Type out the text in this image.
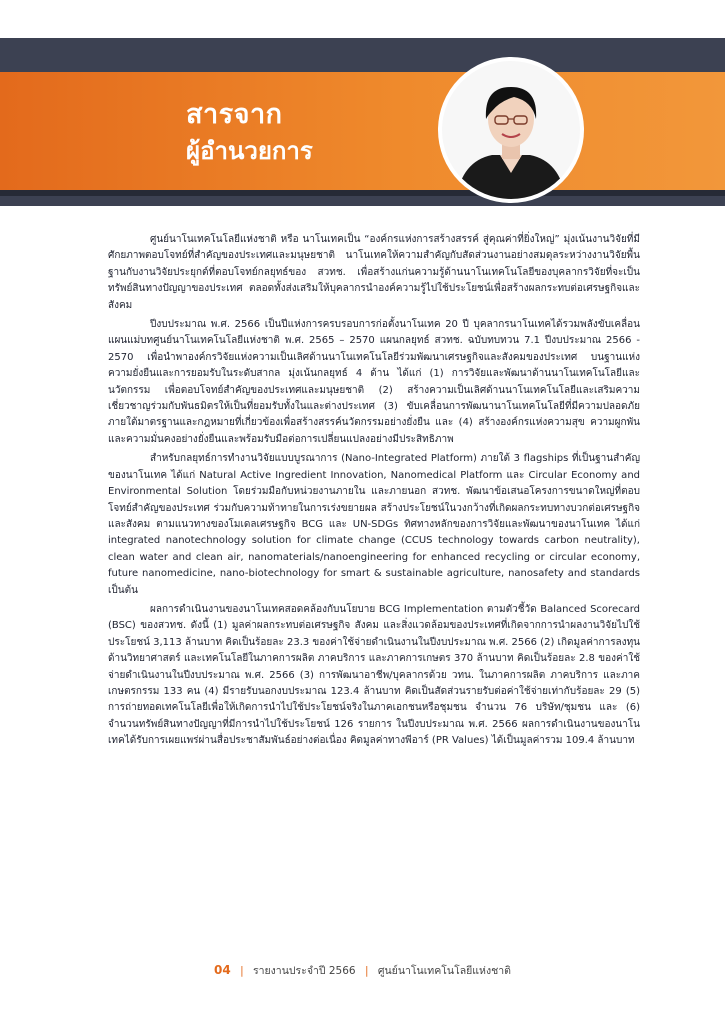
สารจาก
ผู้อำนวยการ

ศูนย์นาโนเทคโนโลยีแห่งชาติ หรือ นาโนเทคเป็น “องค์กรแห่งการสร้างสรรค์ สู่คุณค่าที่ยิ่งใหญ่” มุ่งเน้นงานวิจัยที่มีศักยภาพตอบโจทย์ที่สำคัญของประเทศและมนุษยชาติ นาโนเทคให้ความสำคัญกับสัดส่วนงานอย่างสมดุลระหว่างงานวิจัยพื้นฐานกับงานวิจัยประยุกต์ที่ตอบโจทย์กลยุทธ์ของ สวทช. เพื่อสร้างแก่นความรู้ด้านนาโนเทคโนโลยีของบุคลากรวิจัยที่จะเป็นทรัพย์สินทางปัญญาของประเทศ ตลอดทั้งส่งเสริมให้บุคลากรนำองค์ความรู้ไปใช้ประโยชน์เพื่อสร้างผลกระทบต่อเศรษฐกิจและสังคม

ปีงบประมาณ พ.ศ. 2566 เป็นปีแห่งการครบรอบการก่อตั้งนาโนเทค 20 ปี บุคลากรนาโนเทคได้รวมพลังขับเคลื่อนแผนแม่บทศูนย์นาโนเทคโนโลยีแห่งชาติ พ.ศ. 2565 – 2570 แผนกลยุทธ์ สวทช. ฉบับทบทวน 7.1 ปีงบประมาณ 2566 - 2570 เพื่อนำพาองค์กรวิจัยแห่งความเป็นเลิศด้านนาโนเทคโนโลยีร่วมพัฒนาเศรษฐกิจและสังคมของประเทศ บนฐานแห่งความยั่งยืนและการยอมรับในระดับสากล มุ่งเน้นกลยุทธ์ 4 ด้าน ได้แก่ (1) การวิจัยและพัฒนาด้านนาโนเทคโนโลยีและนวัตกรรม เพื่อตอบโจทย์สำคัญของประเทศและมนุษยชาติ (2) สร้างความเป็นเลิศด้านนาโนเทคโนโลยีและเสริมความเชี่ยวชาญร่วมกับพันธมิตรให้เป็นที่ยอมรับทั้งในและต่างประเทศ (3) ขับเคลื่อนการพัฒนานาโนเทคโนโลยีที่มีความปลอดภัย ภายใต้มาตรฐานและกฎหมายที่เกี่ยวข้องเพื่อสร้างสรรค์นวัตกรรมอย่างยั่งยืน และ (4) สร้างองค์กรแห่งความสุข ความผูกพัน และความมั่นคงอย่างยั่งยืนและพร้อมรับมือต่อการเปลี่ยนแปลงอย่างมีประสิทธิภาพ

สำหรับกลยุทธ์การทำงานวิจัยแบบบูรณาการ (Nano-Integrated Platform) ภายใต้ 3 flagships ที่เป็นฐานสำคัญของนาโนเทค ได้แก่ Natural Active Ingredient Innovation, Nanomedical Platform และ Circular Economy and Environmental Solution โดยร่วมมือกับหน่วยงานภายใน และภายนอก สวทช. พัฒนาข้อเสนอโครงการขนาดใหญ่ที่ตอบโจทย์สำคัญของประเทศ ร่วมกับความท้าทายในการเร่งขยายผล สร้างประโยชน์ในวงกว้างที่เกิดผลกระทบทางบวกต่อเศรษฐกิจและสังคม ตามแนวทางของโมเดลเศรษฐกิจ BCG และ UN-SDGs ทิศทางหลักของการวิจัยและพัฒนาของนาโนเทค ได้แก่ integrated nanotechnology solution for climate change (CCUS technology towards carbon neutrality), clean water and clean air, nanomaterials/nanoengineering for enhanced recycling or circular economy, future nanomedicine, nano-biotechnology for smart & sustainable agriculture, nanosafety and standards เป็นต้น

ผลการดำเนินงานของนาโนเทคสอดคล้องกับนโยบาย BCG Implementation ตามตัวชี้วัด Balanced Scorecard (BSC) ของสวทช. ดังนี้ (1) มูลค่าผลกระทบต่อเศรษฐกิจ สังคม และสิ่งแวดล้อมของประเทศที่เกิดจากการนำผลงานวิจัยไปใช้ประโยชน์ 3,113 ล้านบาท คิดเป็นร้อยละ 23.3 ของค่าใช้จ่ายดำเนินงานในปีงบประมาณ พ.ศ. 2566 (2) เกิดมูลค่าการลงทุนด้านวิทยาศาสตร์ และเทคโนโลยีในภาคการผลิต ภาคบริการ และภาคการเกษตร 370 ล้านบาท คิดเป็นร้อยละ 2.8 ของค่าใช้จ่ายดำเนินงานในปีงบประมาณ พ.ศ. 2566 (3) การพัฒนาอาชีพ/บุคลากรด้วย วทน. ในภาคการผลิต ภาคบริการ และภาคเกษตรกรรม 133 คน (4) มีรายรับนอกงบประมาณ 123.4 ล้านบาท คิดเป็นสัดส่วนรายรับต่อค่าใช้จ่ายเท่ากับร้อยละ 29 (5) การถ่ายทอดเทคโนโลยีเพื่อให้เกิดการนำไปใช้ประโยชน์จริงในภาคเอกชนหรือชุมชน จำนวน 76 บริษัท/ชุมชน และ (6) จำนวนทรัพย์สินทางปัญญาที่มีการนำไปใช้ประโยชน์ 126 รายการ ในปีงบประมาณ พ.ศ. 2566 ผลการดำเนินงานของนาโนเทคได้รับการเผยแพร่ผ่านสื่อประชาสัมพันธ์อย่างต่อเนื่อง คิดมูลค่าทางพีอาร์ (PR Values) ได้เป็นมูลค่ารวม 109.4 ล้านบาท

04 | รายงานประจำปี 2566 | ศูนย์นาโนเทคโนโลยีแห่งชาติ
